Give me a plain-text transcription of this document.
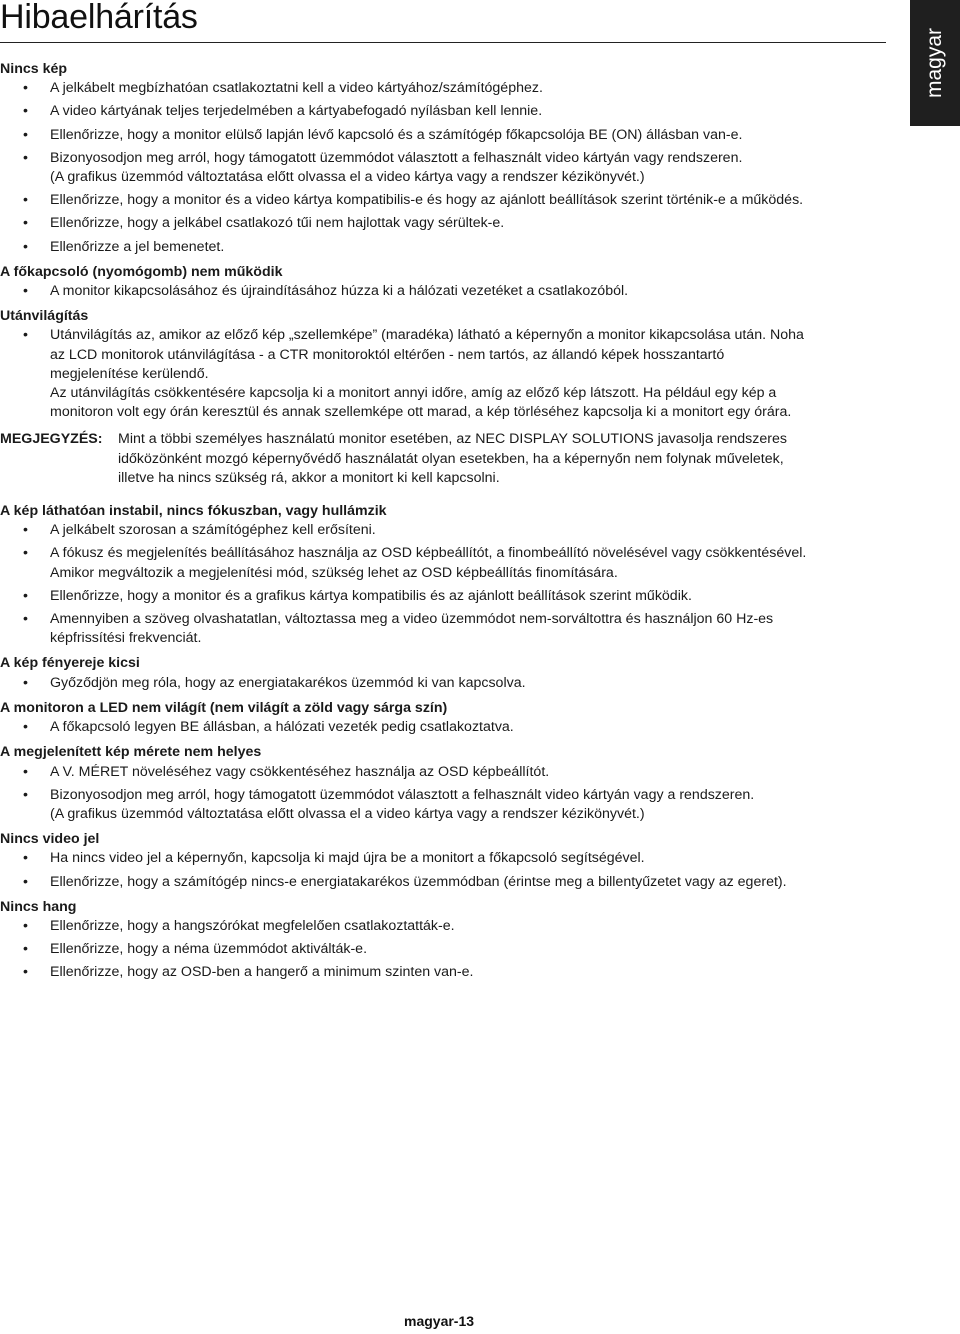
Hibaelhárítás
magyar
Nincs kép
• A jelkábelt megbízhatóan csatlakoztatni kell a video kártyához/számítógéphez.
• A video kártyának teljes terjedelmében a kártyabefogadó nyílásban kell lennie.
• Ellenőrizze, hogy a monitor elülső lapján lévő kapcsoló és a számítógép főkapcsolója BE (ON) állásban van-e.
• Bizonyosodjon meg arról, hogy támogatott üzemmódot választott a felhasznált video kártyán vagy rendszeren.
(A grafikus üzemmód változtatása előtt olvassa el a video kártya vagy a rendszer kézikönyvét.)
• Ellenőrizze, hogy a monitor és a video kártya kompatibilis-e és hogy az ajánlott beállítások szerint történik-e a működés.
• Ellenőrizze, hogy a jelkábel csatlakozó tűi nem hajlottak vagy sérültek-e.
• Ellenőrizze a jel bemenetet.
A főkapcsoló (nyomógomb) nem működik
• A monitor kikapcsolásához és újraindításához húzza ki a hálózati vezetéket a csatlakozóból.
Utánvilágítás
• Utánvilágítás az, amikor az előző kép „szellemképe” (maradéka) látható a képernyőn a monitor kikapcsolása után. Noha
az LCD monitorok utánvilágítása - a CTR monitoroktól eltérően - nem tartós, az állandó képek hosszantartó
megjelenítése kerülendő.
Az utánvilágítás csökkentésére kapcsolja ki a monitort annyi időre, amíg az előző kép látszott. Ha például egy kép a
monitoron volt egy órán keresztül és annak szellemképe ott marad, a kép törléséhez kapcsolja ki a monitort egy órára.
MEGJEGYZÉS: Mint a többi személyes használatú monitor esetében, az NEC DISPLAY SOLUTIONS javasolja rendszeres
időközönként mozgó képernyővédő használatát olyan esetekben, ha a képernyőn nem folynak műveletek,
illetve ha nincs szükség rá, akkor a monitort ki kell kapcsolni.
A kép láthatóan instabil, nincs fókuszban, vagy hullámzik
• A jelkábelt szorosan a számítógéphez kell erősíteni.
• A fókusz és megjelenítés beállításához használja az OSD képbeállítót, a finombeállító növelésével vagy csökkentésével.
Amikor megváltozik a megjelenítési mód, szükség lehet az OSD képbeállítás finomítására.
• Ellenőrizze, hogy a monitor és a grafikus kártya kompatibilis és az ajánlott beállítások szerint működik.
• Amennyiben a szöveg olvashatatlan, változtassa meg a video üzemmódot nem-sorváltottra és használjon 60 Hz-es
képfrissítési frekvenciát.
A kép fényereje kicsi
• Győződjön meg róla, hogy az energiatakarékos üzemmód ki van kapcsolva.
A monitoron a LED nem világít (nem világít a zöld vagy sárga szín)
• A főkapcsoló legyen BE állásban, a hálózati vezeték pedig csatlakoztatva.
A megjelenített kép mérete nem helyes
• A V. MÉRET növeléséhez vagy csökkentéséhez használja az OSD képbeállítót.
• Bizonyosodjon meg arról, hogy támogatott üzemmódot választott a felhasznált video kártyán vagy a rendszeren.
(A grafikus üzemmód változtatása előtt olvassa el a video kártya vagy a rendszer kézikönyvét.)
Nincs video jel
• Ha nincs video jel a képernyőn, kapcsolja ki majd újra be a monitort a főkapcsoló segítségével.
• Ellenőrizze, hogy a számítógép nincs-e energiatakarékos üzemmódban (érintse meg a billentyűzetet vagy az egeret).
Nincs hang
• Ellenőrizze, hogy a hangszórókat megfelelően csatlakoztatták-e.
• Ellenőrizze, hogy a néma üzemmódot aktiválták-e.
• Ellenőrizze, hogy az OSD-ben a hangerő a minimum szinten van-e.
magyar-13
